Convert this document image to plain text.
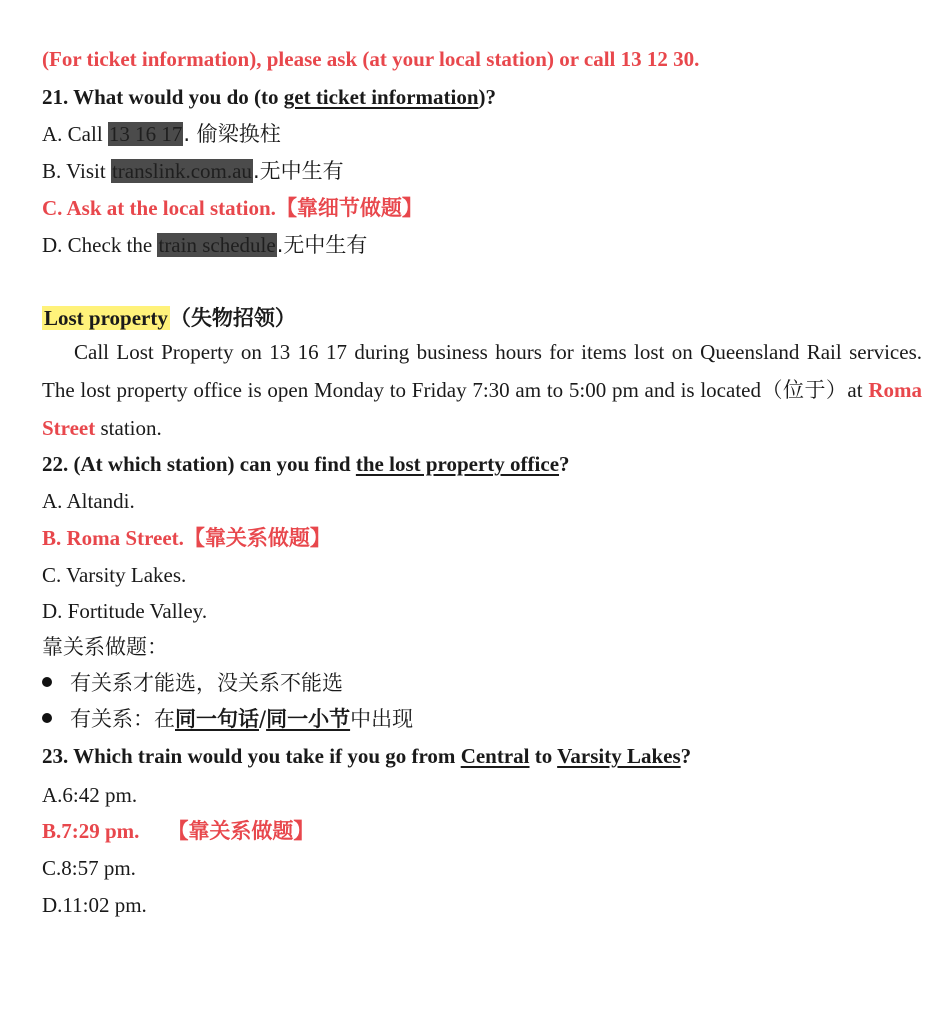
(For ticket information), please ask (at your local station) or call 13 12 30.
21. What would you do (to get ticket information)?
A. Call 13 16 17. 偷梁换柱
B. Visit translink.com.au.无中生有
C. Ask at the local station.【靠细节做题】
D. Check the train schedule.无中生有
Lost property（失物招领）
Call Lost Property on 13 16 17 during business hours for items lost on Queensland Rail services. The lost property office is open Monday to Friday 7:30 am to 5:00 pm and is located（位于）at Roma Street station.
22. (At which station) can you find the lost property office?
A. Altandi.
B. Roma Street.【靠关系做题】
C. Varsity Lakes.
D. Fortitude Valley.
靠关系做题：
有关系才能选，没关系不能选
有关系：在同一句话/同一小节中出现
23. Which train would you take if you go from Central to Varsity Lakes?
A.6:42 pm.
B.7:29 pm. 【靠关系做题】
C.8:57 pm.
D.11:02 pm.
